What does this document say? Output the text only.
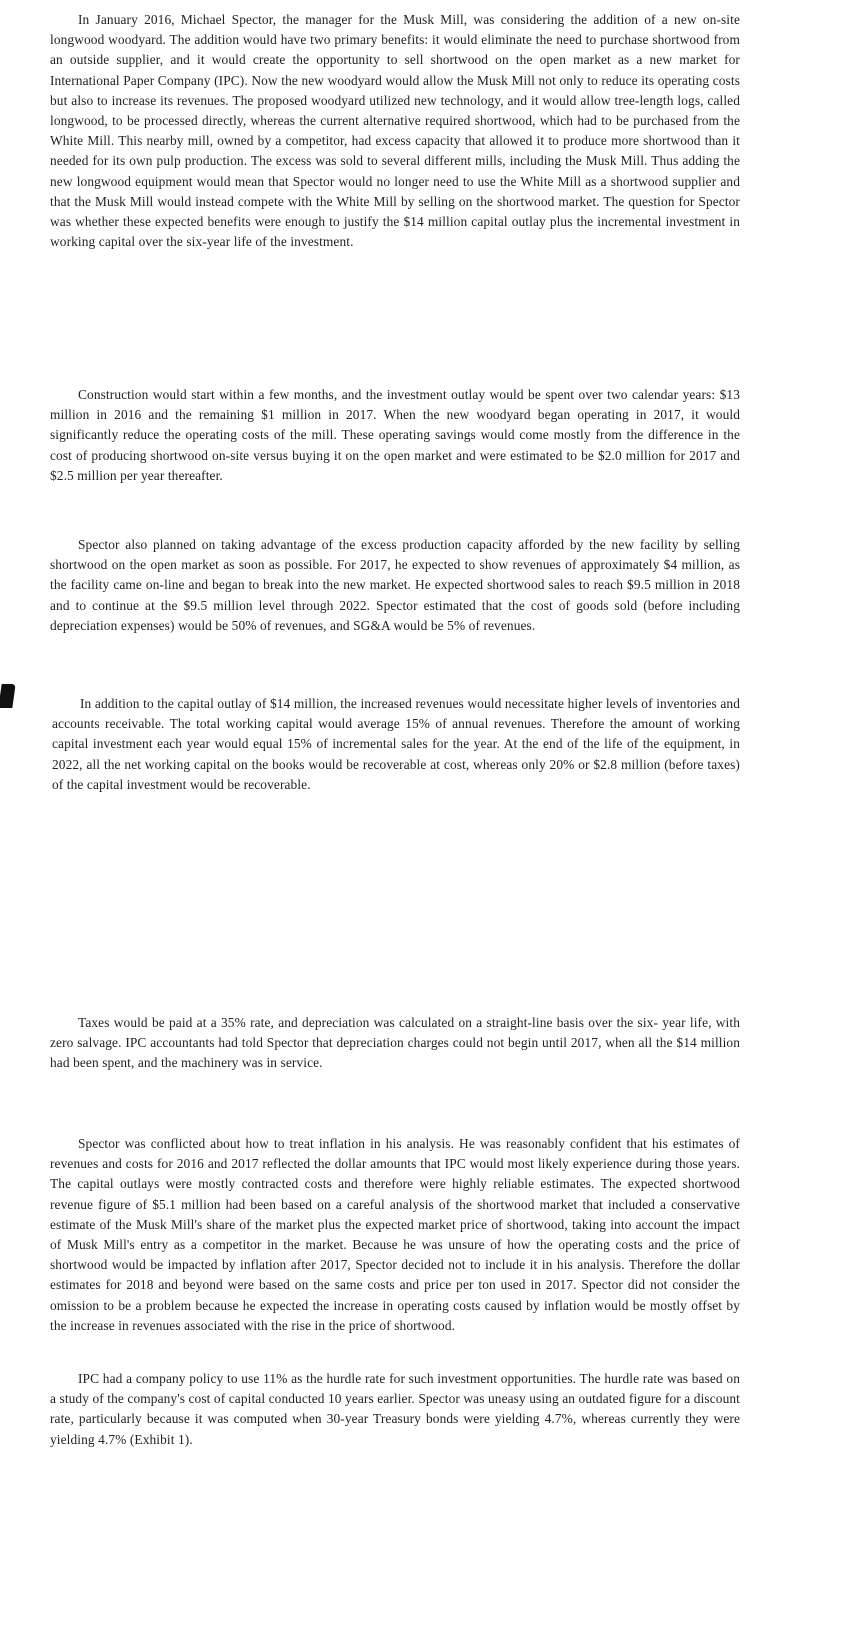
In January 2016, Michael Spector, the manager for the Musk Mill, was considering the addition of a new on-site longwood woodyard. The addition would have two primary benefits: it would eliminate the need to purchase shortwood from an outside supplier, and it would create the opportunity to sell shortwood on the open market as a new market for International Paper Company (IPC). Now the new woodyard would allow the Musk Mill not only to reduce its operating costs but also to increase its revenues. The proposed woodyard utilized new technology, and it would allow tree-length logs, called longwood, to be processed directly, whereas the current alternative required shortwood, which had to be purchased from the White Mill. This nearby mill, owned by a competitor, had excess capacity that allowed it to produce more shortwood than it needed for its own pulp production. The excess was sold to several different mills, including the Musk Mill. Thus adding the new longwood equipment would mean that Spector would no longer need to use the White Mill as a shortwood supplier and that the Musk Mill would instead compete with the White Mill by selling on the shortwood market. The question for Spector was whether these expected benefits were enough to justify the $14 million capital outlay plus the incremental investment in working capital over the six-year life of the investment.

Construction would start within a few months, and the investment outlay would be spent over two calendar years: $13 million in 2016 and the remaining $1 million in 2017. When the new woodyard began operating in 2017, it would significantly reduce the operating costs of the mill. These operating savings would come mostly from the difference in the cost of producing shortwood on-site versus buying it on the open market and were estimated to be $2.0 million for 2017 and $2.5 million per year thereafter.

Spector also planned on taking advantage of the excess production capacity afforded by the new facility by selling shortwood on the open market as soon as possible. For 2017, he expected to show revenues of approximately $4 million, as the facility came on-line and began to break into the new market. He expected shortwood sales to reach $9.5 million in 2018 and to continue at the $9.5 million level through 2022. Spector estimated that the cost of goods sold (before including depreciation expenses) would be 50% of revenues, and SG&A would be 5% of revenues.

In addition to the capital outlay of $14 million, the increased revenues would necessitate higher levels of inventories and accounts receivable. The total working capital would average 15% of annual revenues. Therefore the amount of working capital investment each year would equal 15% of incremental sales for the year. At the end of the life of the equipment, in 2022, all the net working capital on the books would be recoverable at cost, whereas only 20% or $2.8 million (before taxes) of the capital investment would be recoverable.

Taxes would be paid at a 35% rate, and depreciation was calculated on a straight-line basis over the six- year life, with zero salvage. IPC accountants had told Spector that depreciation charges could not begin until 2017, when all the $14 million had been spent, and the machinery was in service.

Spector was conflicted about how to treat inflation in his analysis. He was reasonably confident that his estimates of revenues and costs for 2016 and 2017 reflected the dollar amounts that IPC would most likely experience during those years. The capital outlays were mostly contracted costs and therefore were highly reliable estimates. The expected shortwood revenue figure of $5.1 million had been based on a careful analysis of the shortwood market that included a conservative estimate of the Musk Mill's share of the market plus the expected market price of shortwood, taking into account the impact of Musk Mill's entry as a competitor in the market. Because he was unsure of how the operating costs and the price of shortwood would be impacted by inflation after 2017, Spector decided not to include it in his analysis. Therefore the dollar estimates for 2018 and beyond were based on the same costs and price per ton used in 2017. Spector did not consider the omission to be a problem because he expected the increase in operating costs caused by inflation would be mostly offset by the increase in revenues associated with the rise in the price of shortwood.

IPC had a company policy to use 11% as the hurdle rate for such investment opportunities. The hurdle rate was based on a study of the company's cost of capital conducted 10 years earlier. Spector was uneasy using an outdated figure for a discount rate, particularly because it was computed when 30-year Treasury bonds were yielding 4.7%, whereas currently they were yielding 4.7% (Exhibit 1).
